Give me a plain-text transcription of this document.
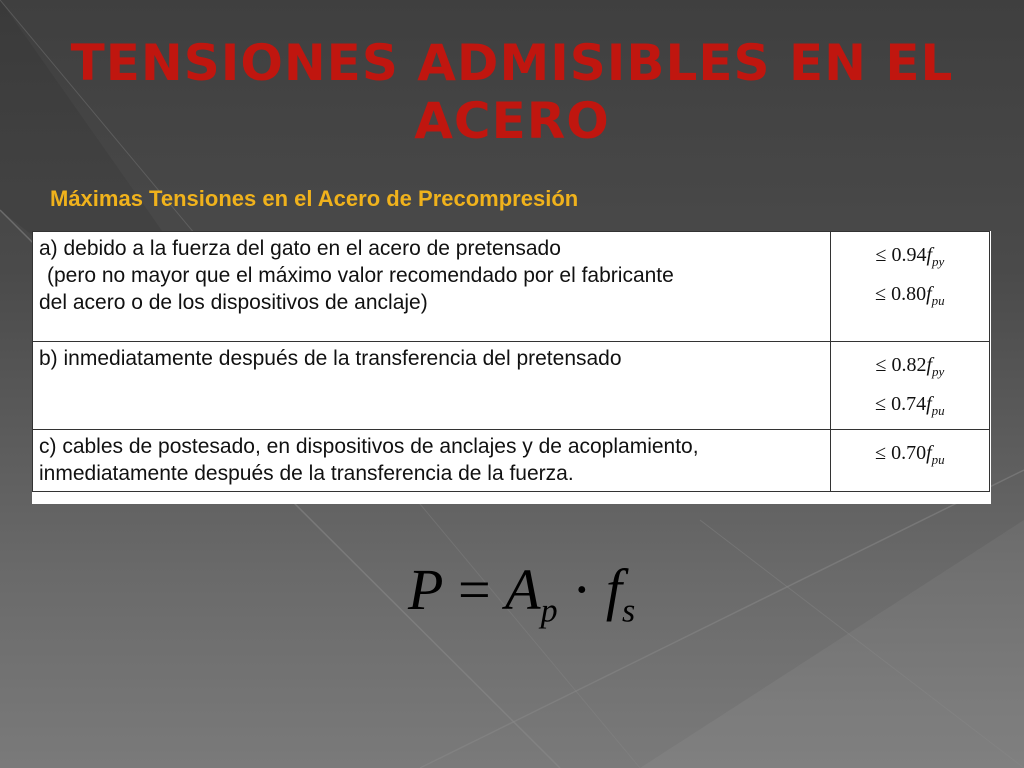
TENSIONES ADMISIBLES EN EL
ACERO
Máximas Tensiones en el Acero de Precompresión
a) debido a la fuerza del gato en el acero de pretensado
(pero no mayor que el máximo valor recomendado por el fabricante
del acero o de los dispositivos de anclaje)	≤ $0.94f_{py}$
≤ $0.80f_{pu}$

b) inmediatamente después de la transferencia del pretensado	≤ $0.82f_{py}$
≤ $0.74f_{pu}$

c) cables de postesado, en dispositivos de anclajes y de acoplamiento,
inmediatamente después de la transferencia de la fuerza.	≤ $0.70f_{pu}$
$P = A_p \cdot f_s$
